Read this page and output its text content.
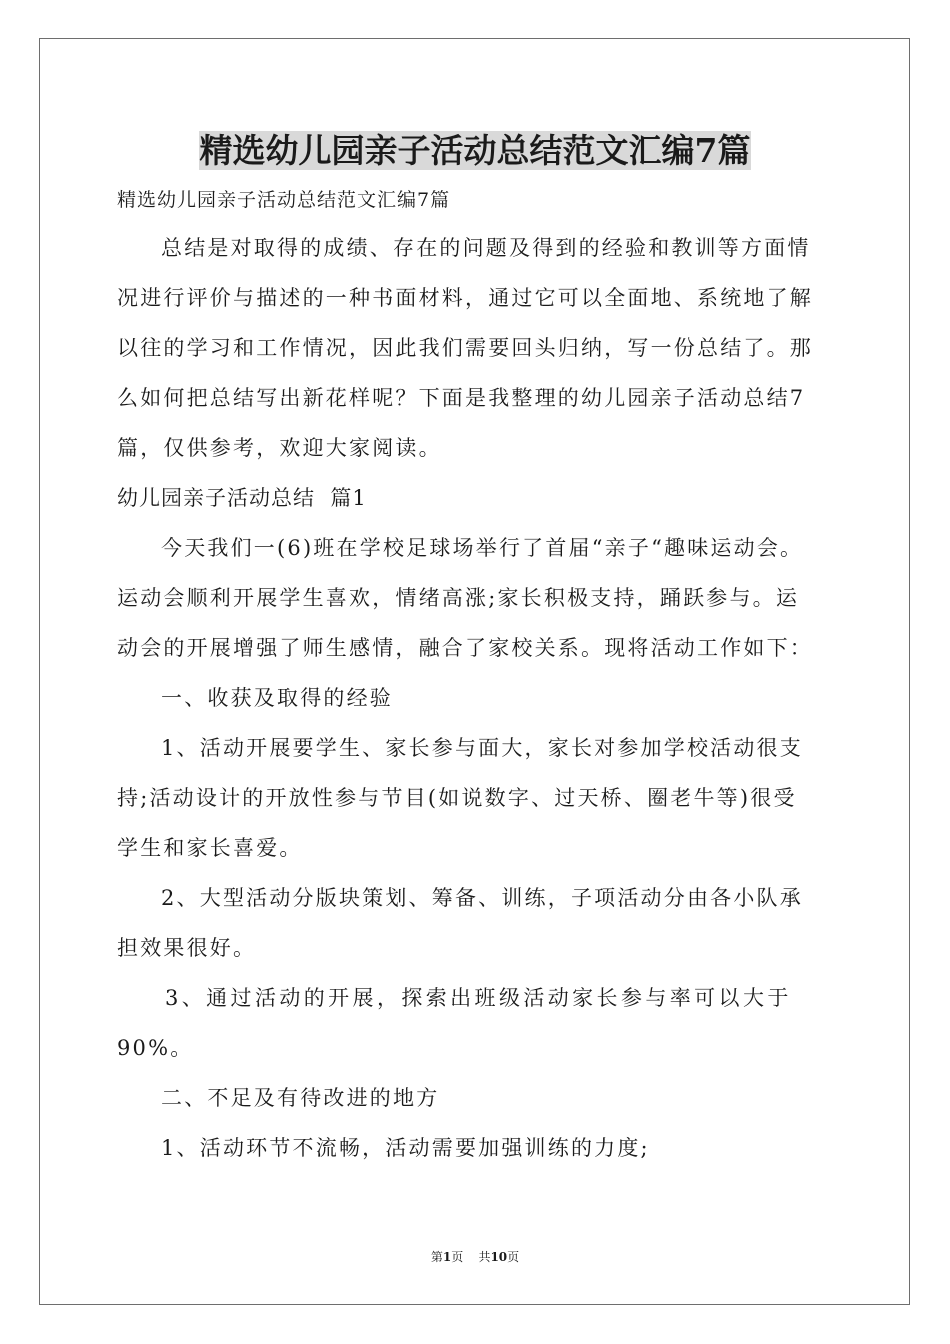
精选幼儿园亲子活动总结范文汇编7篇

精选幼儿园亲子活动总结范文汇编7篇

总结是对取得的成绩、存在的问题及得到的经验和教训等方面情

况进行评价与描述的一种书面材料，通过它可以全面地、系统地了解

以往的学习和工作情况，因此我们需要回头归纳，写一份总结了。那

么如何把总结写出新花样呢？下面是我整理的幼儿园亲子活动总结7

篇，仅供参考，欢迎大家阅读。

幼儿园亲子活动总结  篇1

今天我们一(6)班在学校足球场举行了首届“亲子“趣味运动会。

运动会顺利开展学生喜欢，情绪高涨;家长积极支持，踊跃参与。运

动会的开展增强了师生感情，融合了家校关系。现将活动工作如下：

一、收获及取得的经验

1、活动开展要学生、家长参与面大，家长对参加学校活动很支

持;活动设计的开放性参与节目(如说数字、过天桥、圈老牛等)很受

学生和家长喜爱。

2、大型活动分版块策划、筹备、训练，子项活动分由各小队承

担效果很好。

3、通过活动的开展，探索出班级活动家长参与率可以大于

90%。

二、不足及有待改进的地方

1、活动环节不流畅，活动需要加强训练的力度;

第1页    共10页
